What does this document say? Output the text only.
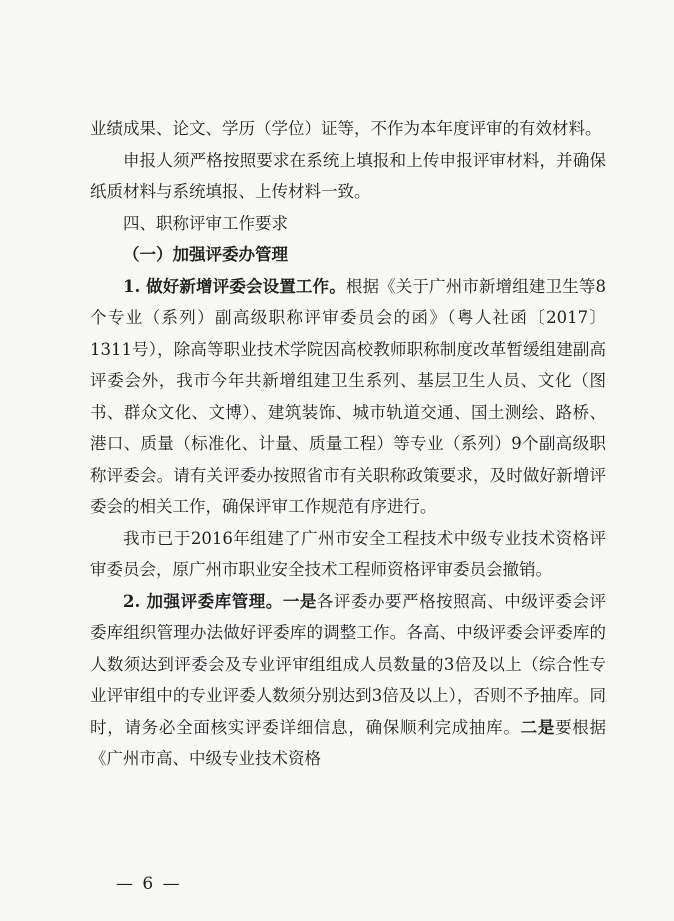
业绩成果、论文、学历（学位）证等，不作为本年度评审的有效材料。

申报人须严格按照要求在系统上填报和上传申报评审材料，并确保纸质材料与系统填报、上传材料一致。

四、职称评审工作要求

（一）加强评委办管理

1. 做好新增评委会设置工作。根据《关于广州市新增组建卫生等8个专业（系列）副高级职称评审委员会的函》（粤人社函〔2017〕1311号），除高等职业技术学院因高校教师职称制度改革暂缓组建副高评委会外，我市今年共新增组建卫生系列、基层卫生人员、文化（图书、群众文化、文博）、建筑装饰、城市轨道交通、国土测绘、路桥、港口、质量（标准化、计量、质量工程）等专业（系列）9个副高级职称评委会。请有关评委办按照省市有关职称政策要求，及时做好新增评委会的相关工作，确保评审工作规范有序进行。

我市已于2016年组建了广州市安全工程技术中级专业技术资格评审委员会，原广州市职业安全技术工程师资格评审委员会撤销。

2. 加强评委库管理。一是各评委办要严格按照高、中级评委会评委库组织管理办法做好评委库的调整工作。各高、中级评委会评委库的人数须达到评委会及专业评审组组成人员数量的3倍及以上（综合性专业评审组中的专业评委人数须分别达到3倍及以上），否则不予抽库。同时，请务必全面核实评委详细信息，确保顺利完成抽库。二是要根据《广州市高、中级专业技术资格

— 6 —
